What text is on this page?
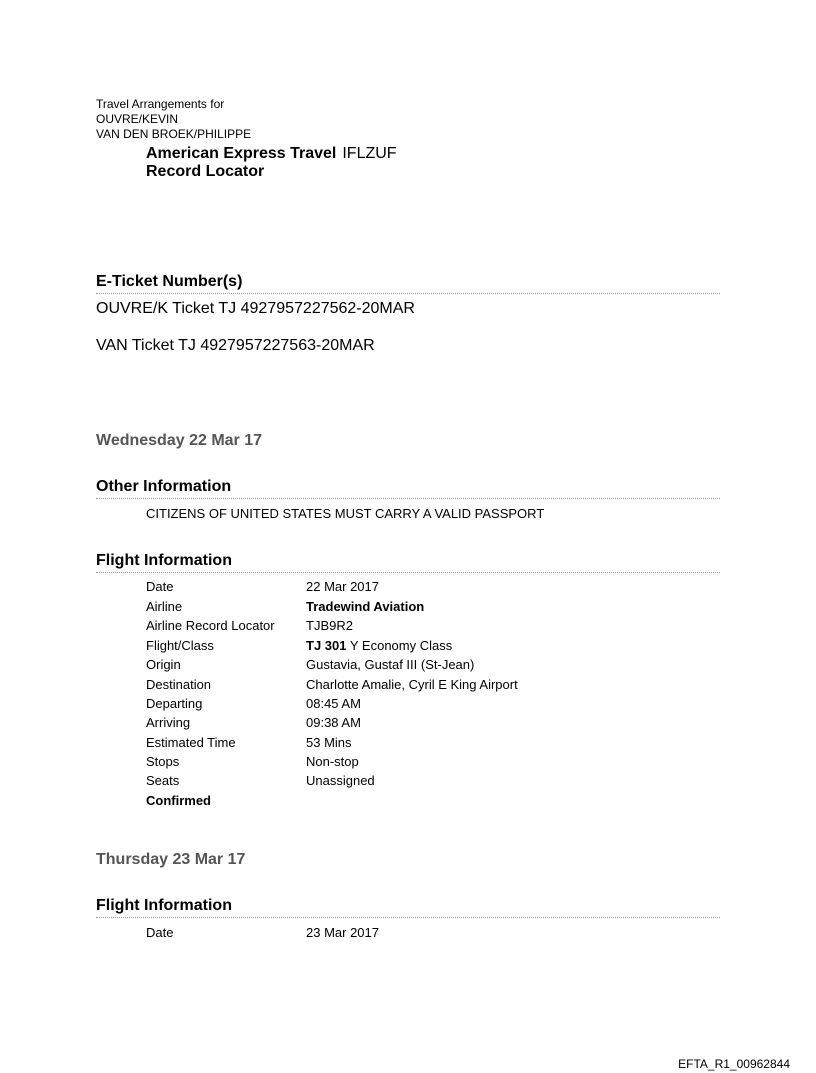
Travel Arrangements for
OUVRE/KEVIN
VAN DEN BROEK/PHILIPPE
American Express Travel IFLZUF
Record Locator
E-Ticket Number(s)
OUVRE/K Ticket TJ 4927957227562-20MAR
VAN Ticket TJ 4927957227563-20MAR
Wednesday 22 Mar 17
Other Information
CITIZENS OF UNITED STATES MUST CARRY A VALID PASSPORT
Flight Information
Date	22 Mar 2017
Airline	Tradewind Aviation
Airline Record Locator TJB9R2
Flight/Class	TJ 301 Y Economy Class
Origin	Gustavia, Gustaf III (St-Jean)
Destination	Charlotte Amalie, Cyril E King Airport
Departing	08:45 AM
Arriving	09:38 AM
Estimated Time	53 Mins
Stops	Non-stop
Seats	Unassigned
Confirmed
Thursday 23 Mar 17
Flight Information
Date	23 Mar 2017
EFTA_R1_00962844
